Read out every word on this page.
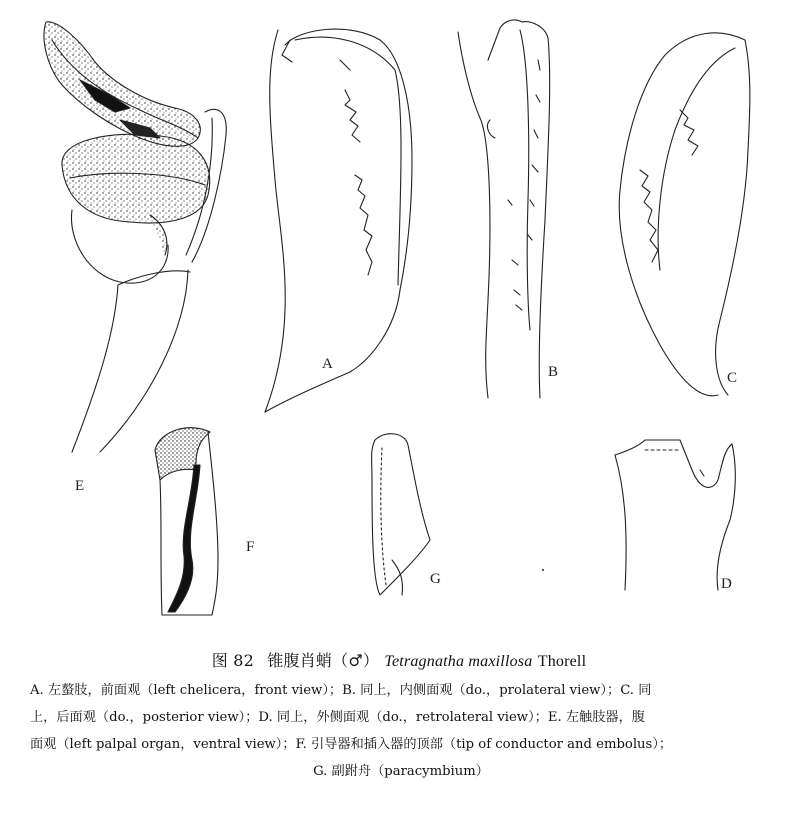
A	B	C
D
E
F
G
图 82 锥腹肖蛸（♂） Tetragnatha maxillosa Thorell
A. 左螯肢，前面观（left chelicera，front view）；B. 同上，内侧面观（do.，prolateral view）；C. 同
上，后面观（do.，posterior view）；D. 同上，外侧面观（do.，retrolateral view）；E. 左触肢器，腹
面观（left palpal organ，ventral view）；F. 引导器和插入器的顶部（tip of conductor and embolus）；
G. 副跗舟（paracymbium）
